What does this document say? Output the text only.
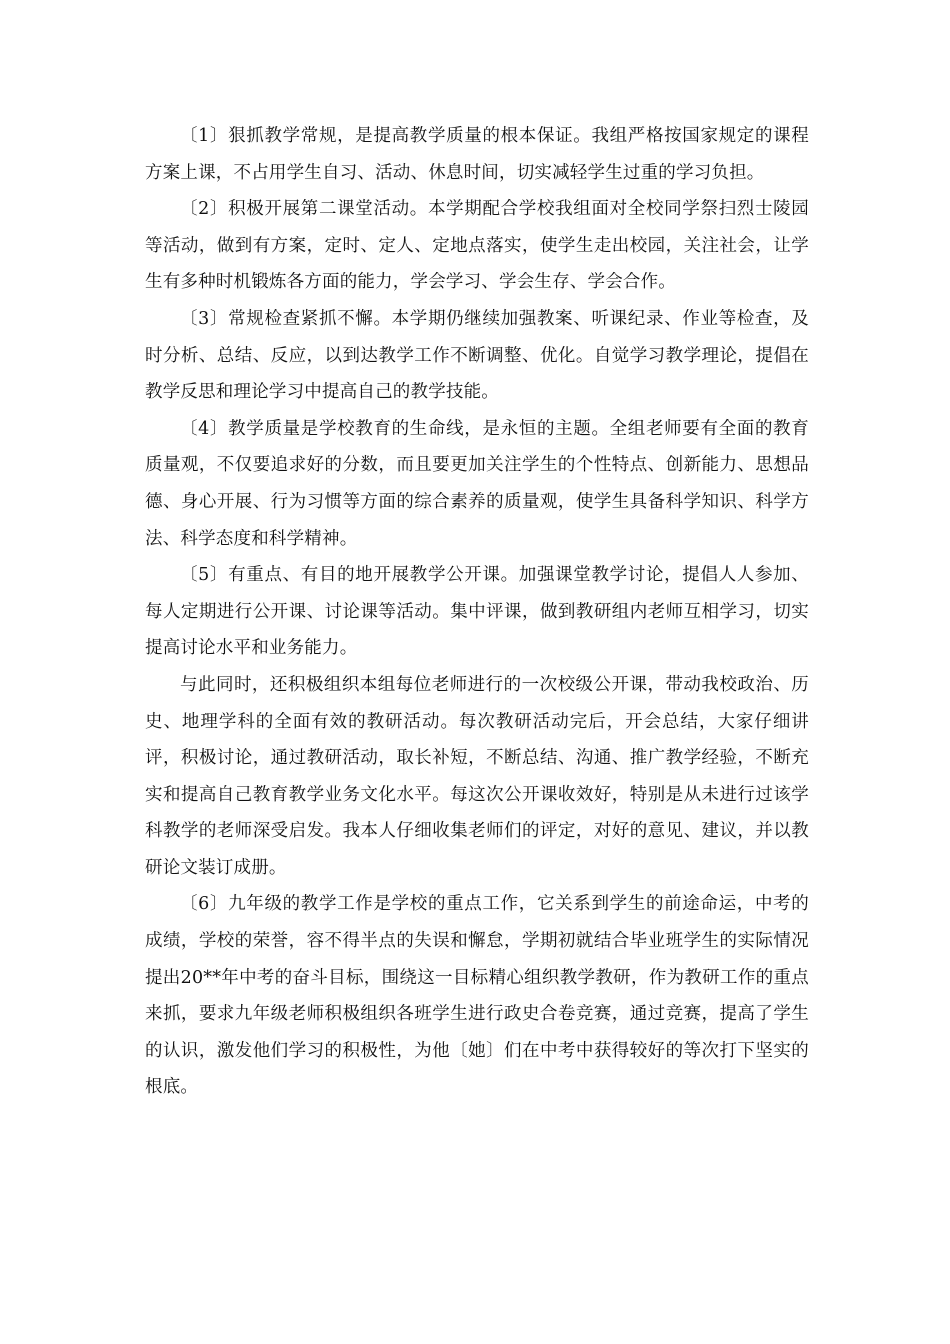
〔1〕狠抓教学常规，是提高教学质量的根本保证。我组严格按国家规定的课程方案上课，不占用学生自习、活动、休息时间，切实减轻学生过重的学习负担。

〔2〕积极开展第二课堂活动。本学期配合学校我组面对全校同学祭扫烈士陵园等活动，做到有方案，定时、定人、定地点落实，使学生走出校园，关注社会，让学生有多种时机锻炼各方面的能力，学会学习、学会生存、学会合作。

〔3〕常规检查紧抓不懈。本学期仍继续加强教案、听课纪录、作业等检查，及时分析、总结、反应，以到达教学工作不断调整、优化。自觉学习教学理论，提倡在教学反思和理论学习中提高自己的教学技能。

〔4〕教学质量是学校教育的生命线，是永恒的主题。全组老师要有全面的教育质量观，不仅要追求好的分数，而且要更加关注学生的个性特点、创新能力、思想品德、身心开展、行为习惯等方面的综合素养的质量观，使学生具备科学知识、科学方法、科学态度和科学精神。

〔5〕有重点、有目的地开展教学公开课。加强课堂教学讨论，提倡人人参加、每人定期进行公开课、讨论课等活动。集中评课，做到教研组内老师互相学习，切实提高讨论水平和业务能力。

与此同时，还积极组织本组每位老师进行的一次校级公开课，带动我校政治、历史、地理学科的全面有效的教研活动。每次教研活动完后，开会总结，大家仔细讲评，积极讨论，通过教研活动，取长补短，不断总结、沟通、推广教学经验，不断充实和提高自己教育教学业务文化水平。每这次公开课收效好，特别是从未进行过该学科教学的老师深受启发。我本人仔细收集老师们的评定，对好的意见、建议，并以教研论文装订成册。

〔6〕九年级的教学工作是学校的重点工作，它关系到学生的前途命运，中考的成绩，学校的荣誉，容不得半点的失误和懈怠，学期初就结合毕业班学生的实际情况提出20**年中考的奋斗目标，围绕这一目标精心组织教学教研，作为教研工作的重点来抓，要求九年级老师积极组织各班学生进行政史合卷竞赛，通过竞赛，提高了学生的认识，激发他们学习的积极性，为他〔她〕们在中考中获得较好的等次打下坚实的根底。
